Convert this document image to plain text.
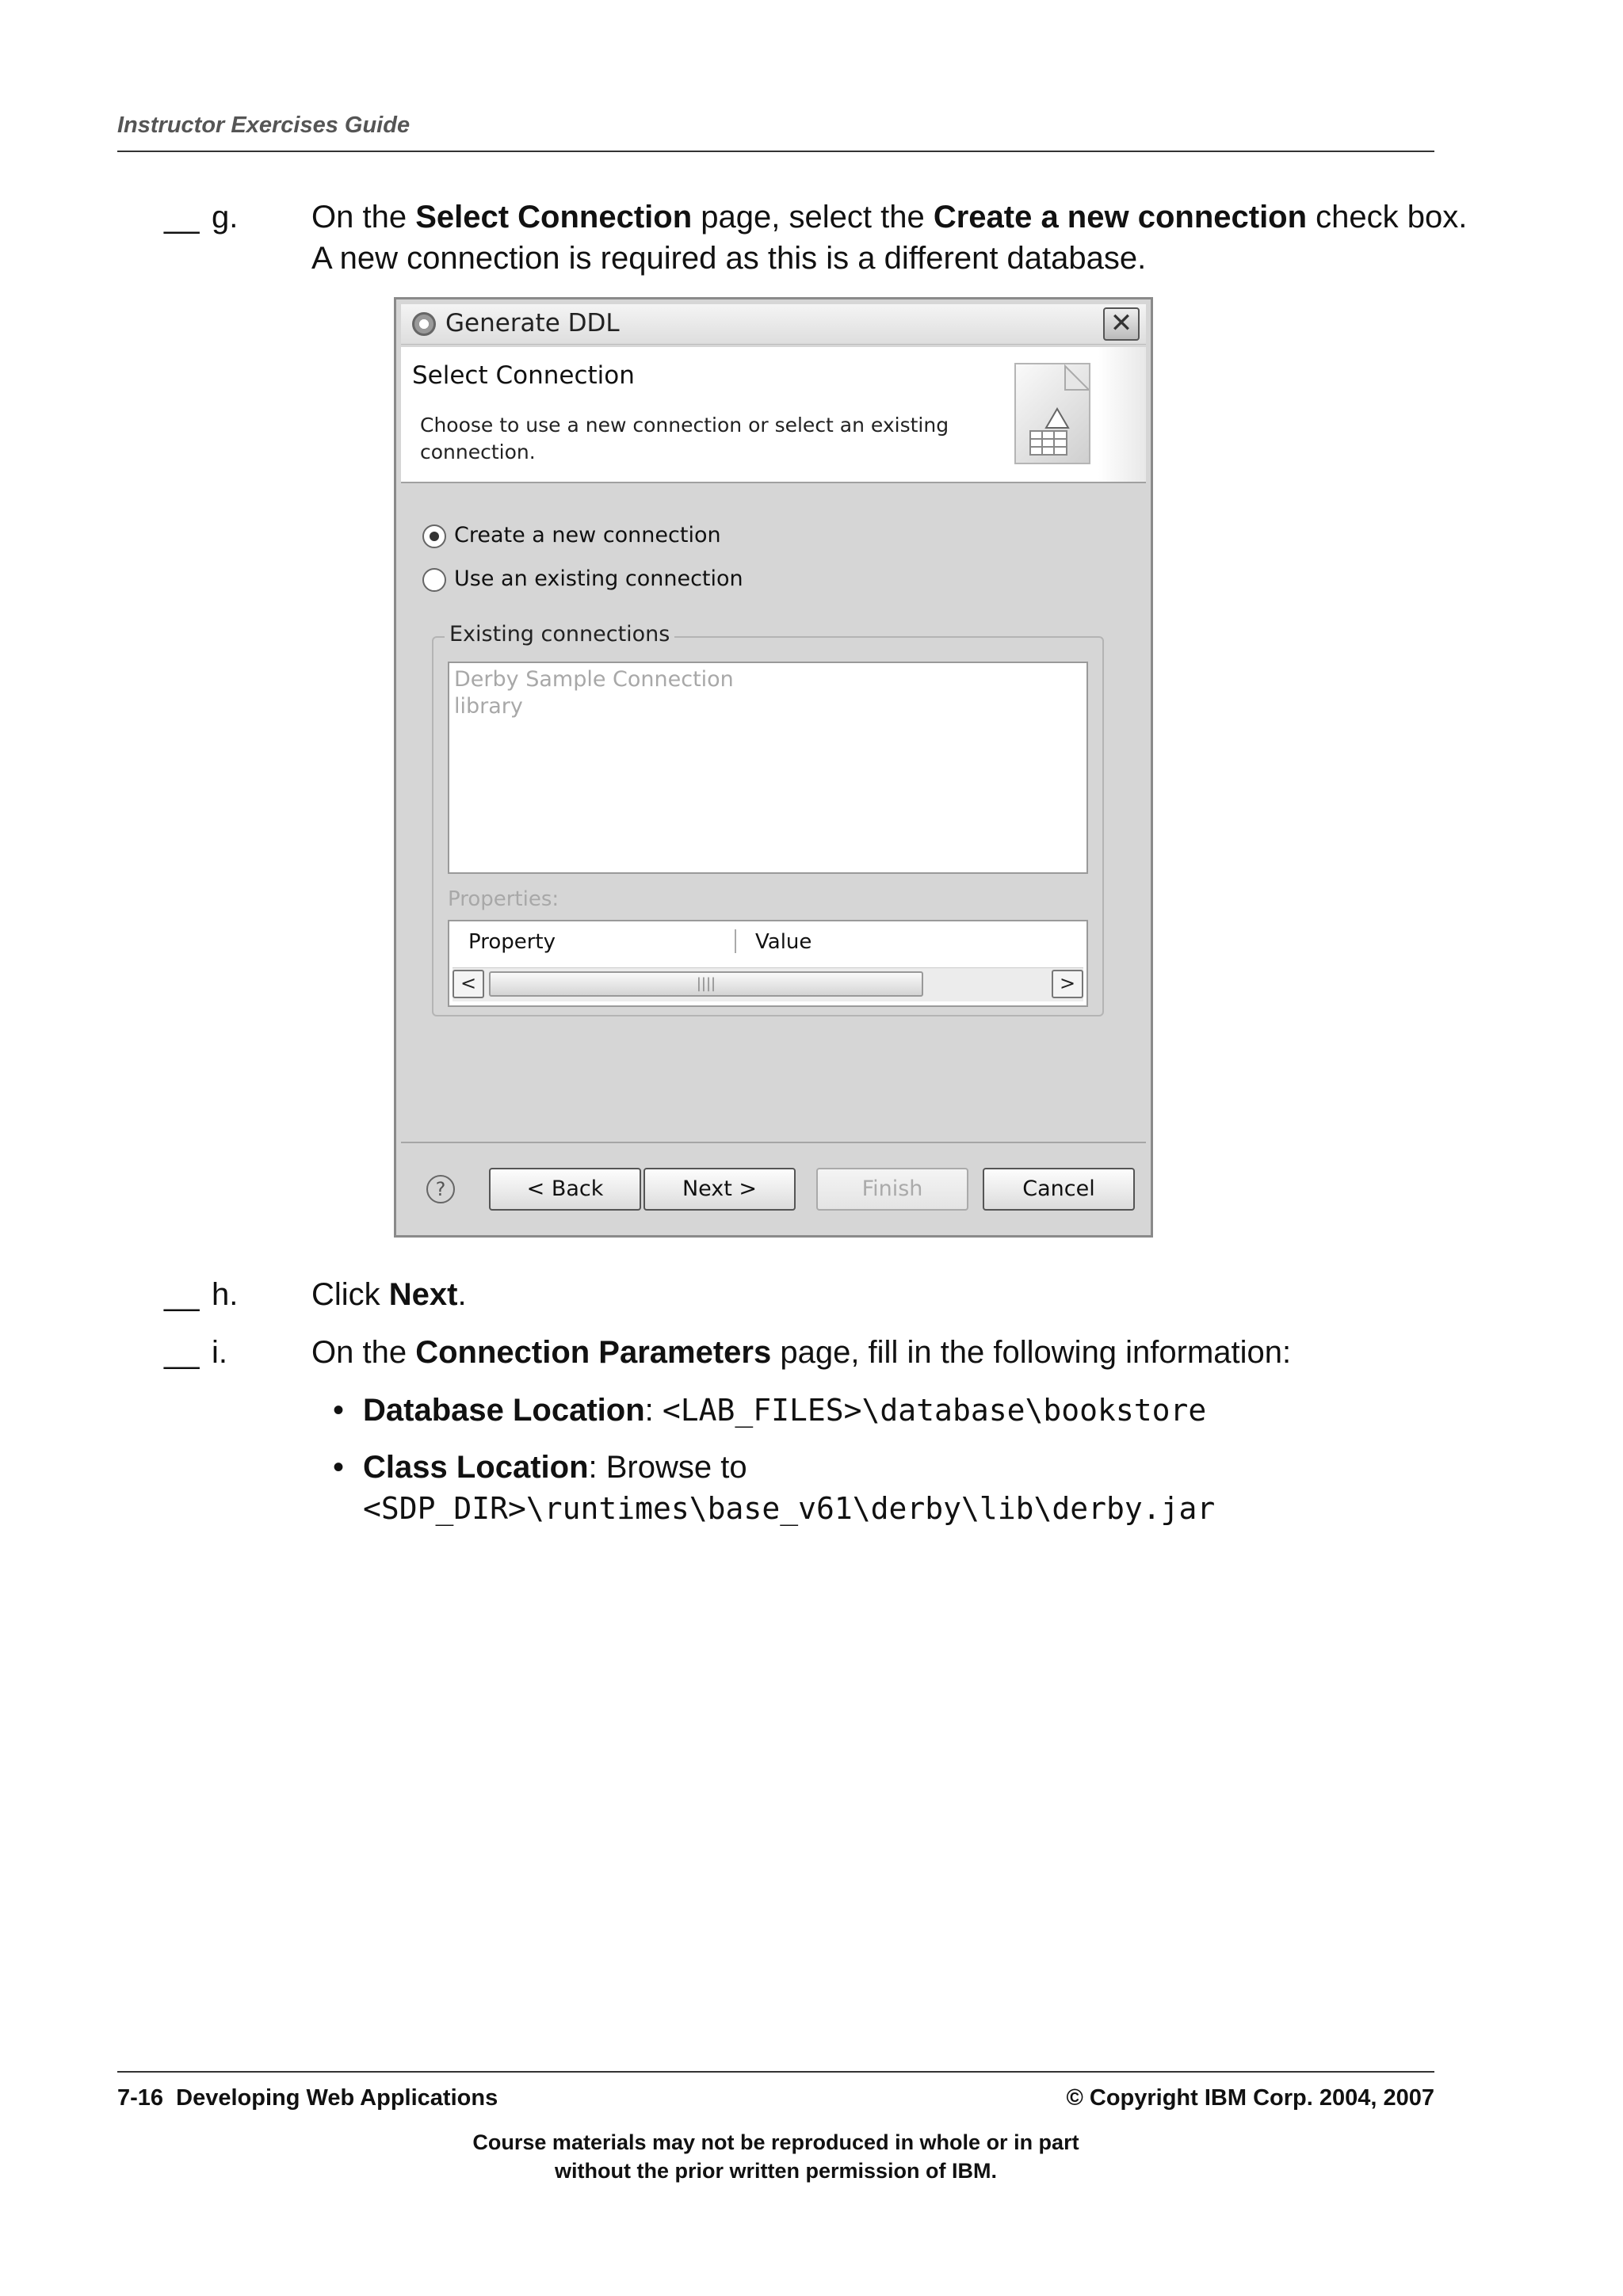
Instructor Exercises Guide
__ g. On the Select Connection page, select the Create a new connection check box. A new connection is required as this is a different database.
Generate DDL	✕
Select Connection
Choose to use a new connection or select an existing connection.
Create a new connection
Use an existing connection
Existing connections
Derby Sample Connection
library
Properties:
Property	Value
<	||||	>
?	< Back	Next >	Finish	Cancel
__ h. Click Next.
__ i.	On the Connection Parameters page, fill in the following information:
• Database Location: <LAB_FILES>\database\bookstore
• Class Location: Browse to
<SDP_DIR>\runtimes\base_v61\derby\lib\derby.jar
7-16  Developing Web Applications	© Copyright IBM Corp. 2004, 2007
Course materials may not be reproduced in whole or in part
without the prior written permission of IBM.
